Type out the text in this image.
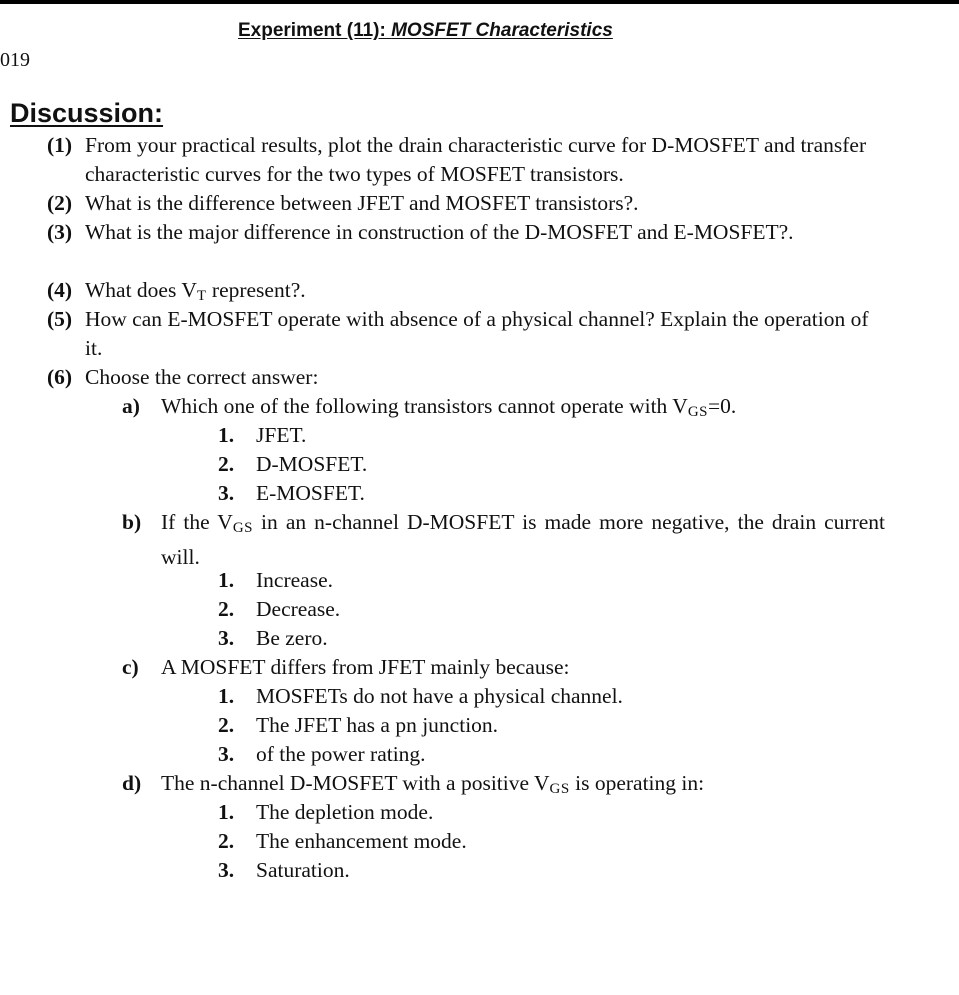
Experiment (11): MOSFET Characteristics
019
Discussion:
(1) From your practical results, plot the drain characteristic curve for D-MOSFET and transfer characteristic curves for the two types of MOSFET transistors.
(2) What is the difference between JFET and MOSFET transistors?.
(3) What is the major difference in construction of the D-MOSFET and E-MOSFET?.
(4) What does $V_T$ represent?.
(5) How can E-MOSFET operate with absence of a physical channel? Explain the operation of it.
(6) Choose the correct answer:
a) Which one of the following transistors cannot operate with $V_{GS}=0$.
1. JFET.
2. D-MOSFET.
3. E-MOSFET.
b) If the $V_{GS}$ in an n-channel D-MOSFET is made more negative, the drain current will.
1. Increase.
2. Decrease.
3. Be zero.
c) A MOSFET differs from JFET mainly because:
1. MOSFETs do not have a physical channel.
2. The JFET has a pn junction.
3. of the power rating.
d) The n-channel D-MOSFET with a positive $V_{GS}$ is operating in:
1. The depletion mode.
2. The enhancement mode.
3. Saturation.
